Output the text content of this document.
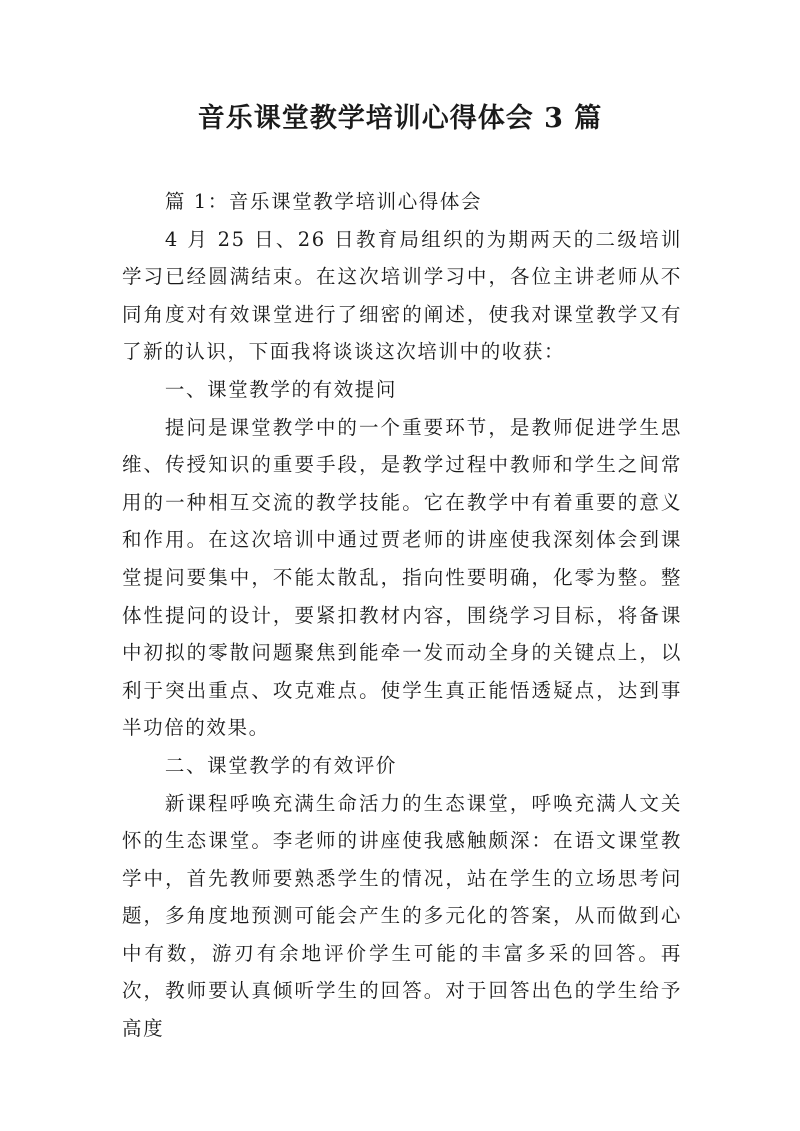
音乐课堂教学培训心得体会 3 篇

篇 1：音乐课堂教学培训心得体会

4 月 25 日、26 日教育局组织的为期两天的二级培训学习已经圆满结束。在这次培训学习中，各位主讲老师从不同角度对有效课堂进行了细密的阐述，使我对课堂教学又有了新的认识，下面我将谈谈这次培训中的收获：

一、课堂教学的有效提问

提问是课堂教学中的一个重要环节，是教师促进学生思维、传授知识的重要手段，是教学过程中教师和学生之间常用的一种相互交流的教学技能。它在教学中有着重要的意义和作用。在这次培训中通过贾老师的讲座使我深刻体会到课堂提问要集中，不能太散乱，指向性要明确，化零为整。整体性提问的设计，要紧扣教材内容，围绕学习目标，将备课中初拟的零散问题聚焦到能牵一发而动全身的关键点上，以利于突出重点、攻克难点。使学生真正能悟透疑点，达到事半功倍的效果。

二、课堂教学的有效评价

新课程呼唤充满生命活力的生态课堂，呼唤充满人文关怀的生态课堂。李老师的讲座使我感触颇深：在语文课堂教学中，首先教师要熟悉学生的情况，站在学生的立场思考问题，多角度地预测可能会产生的多元化的答案，从而做到心中有数，游刃有余地评价学生可能的丰富多采的回答。再次，教师要认真倾听学生的回答。对于回答出色的学生给予高度
